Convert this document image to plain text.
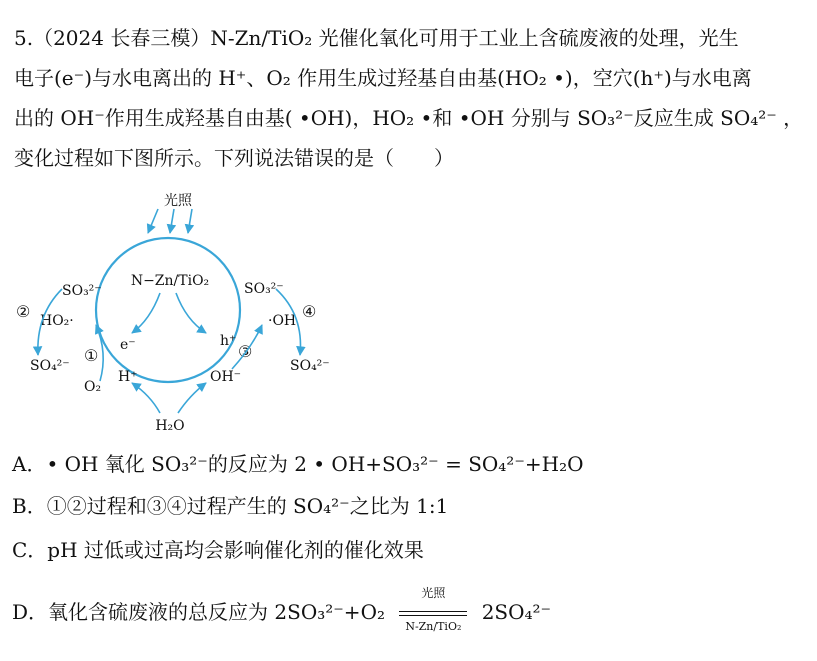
5.（2024 长春三模）N-Zn/TiO₂ 光催化氧化可用于工业上含硫废液的处理，光生
电子(e⁻)与水电离出的 H⁺、O₂ 作用生成过羟基自由基(HO₂ •)，空穴(h⁺)与水电离
出的 OH⁻作用生成羟基自由基( •OH)，HO₂ •和 •OH 分别与 SO₃²⁻反应生成 SO₄²⁻ ，
变化过程如下图所示。下列说法错误的是（　　）
光照
N−Zn/TiO₂
e⁻	h⁺
SO₃²⁻
② HO₂·
SO₄²⁻
①
O₂
H⁺
SO₃²⁻
·OH ④
③
OH⁻
SO₄²⁻
H₂O
A．• OH 氧化 SO₃²⁻的反应为 2 • OH+SO₃²⁻ = SO₄²⁻+H₂O
B．①②过程和③④过程产生的 SO₄²⁻之比为 1:1
C．pH 过低或过高均会影响催化剂的催化效果
D．氧化含硫废液的总反应为 2SO₃²⁻+O₂
光照
N-Zn/TiO₂
2SO₄²⁻
